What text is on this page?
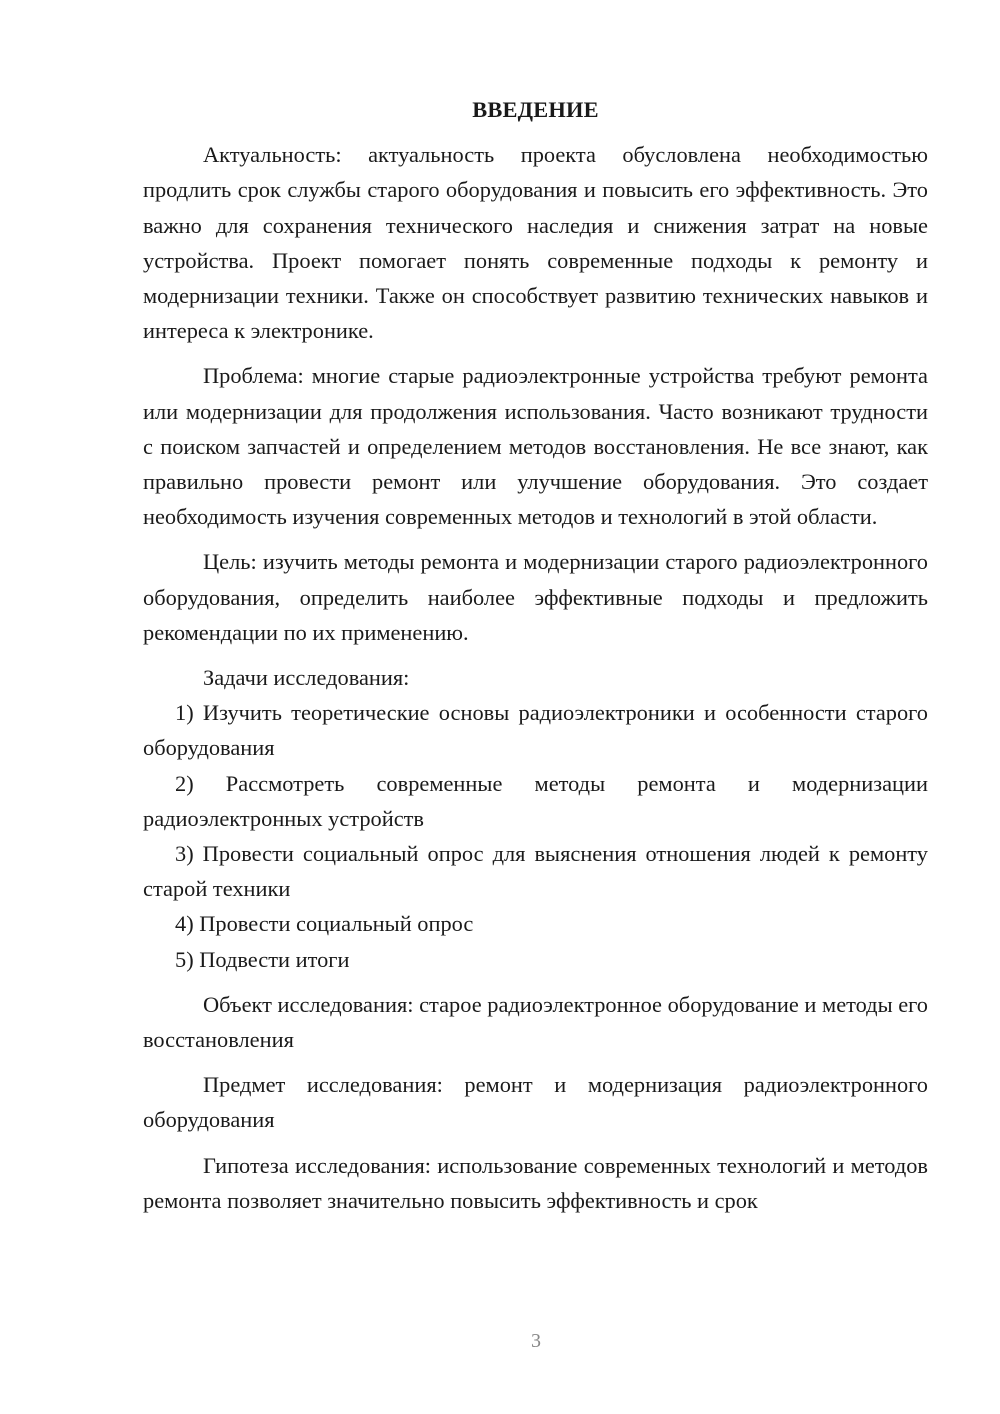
ВВЕДЕНИЕ

Актуальность: актуальность проекта обусловлена необходимостью продлить срок службы старого оборудования и повысить его эффективность. Это важно для сохранения технического наследия и снижения затрат на новые устройства. Проект помогает понять современные подходы к ремонту и модернизации техники. Также он способствует развитию технических навыков и интереса к электронике.

Проблема: многие старые радиоэлектронные устройства требуют ремонта или модернизации для продолжения использования. Часто возникают трудности с поиском запчастей и определением методов восстановления. Не все знают, как правильно провести ремонт или улучшение оборудования. Это создает необходимость изучения современных методов и технологий в этой области.

Цель: изучить методы ремонта и модернизации старого радиоэлектронного оборудования, определить наиболее эффективные подходы и предложить рекомендации по их применению.

Задачи исследования:

1) Изучить теоретические основы радиоэлектроники и особенности старого оборудования

2) Рассмотреть современные методы ремонта и модернизации радиоэлектронных устройств

3) Провести социальный опрос для выяснения отношения людей к ремонту старой техники

4) Провести социальный опрос

5) Подвести итоги

Объект исследования: старое радиоэлектронное оборудование и методы его восстановления

Предмет исследования: ремонт и модернизация радиоэлектронного оборудования

Гипотеза исследования: использование современных технологий и методов ремонта позволяет значительно повысить эффективность и срок

3
